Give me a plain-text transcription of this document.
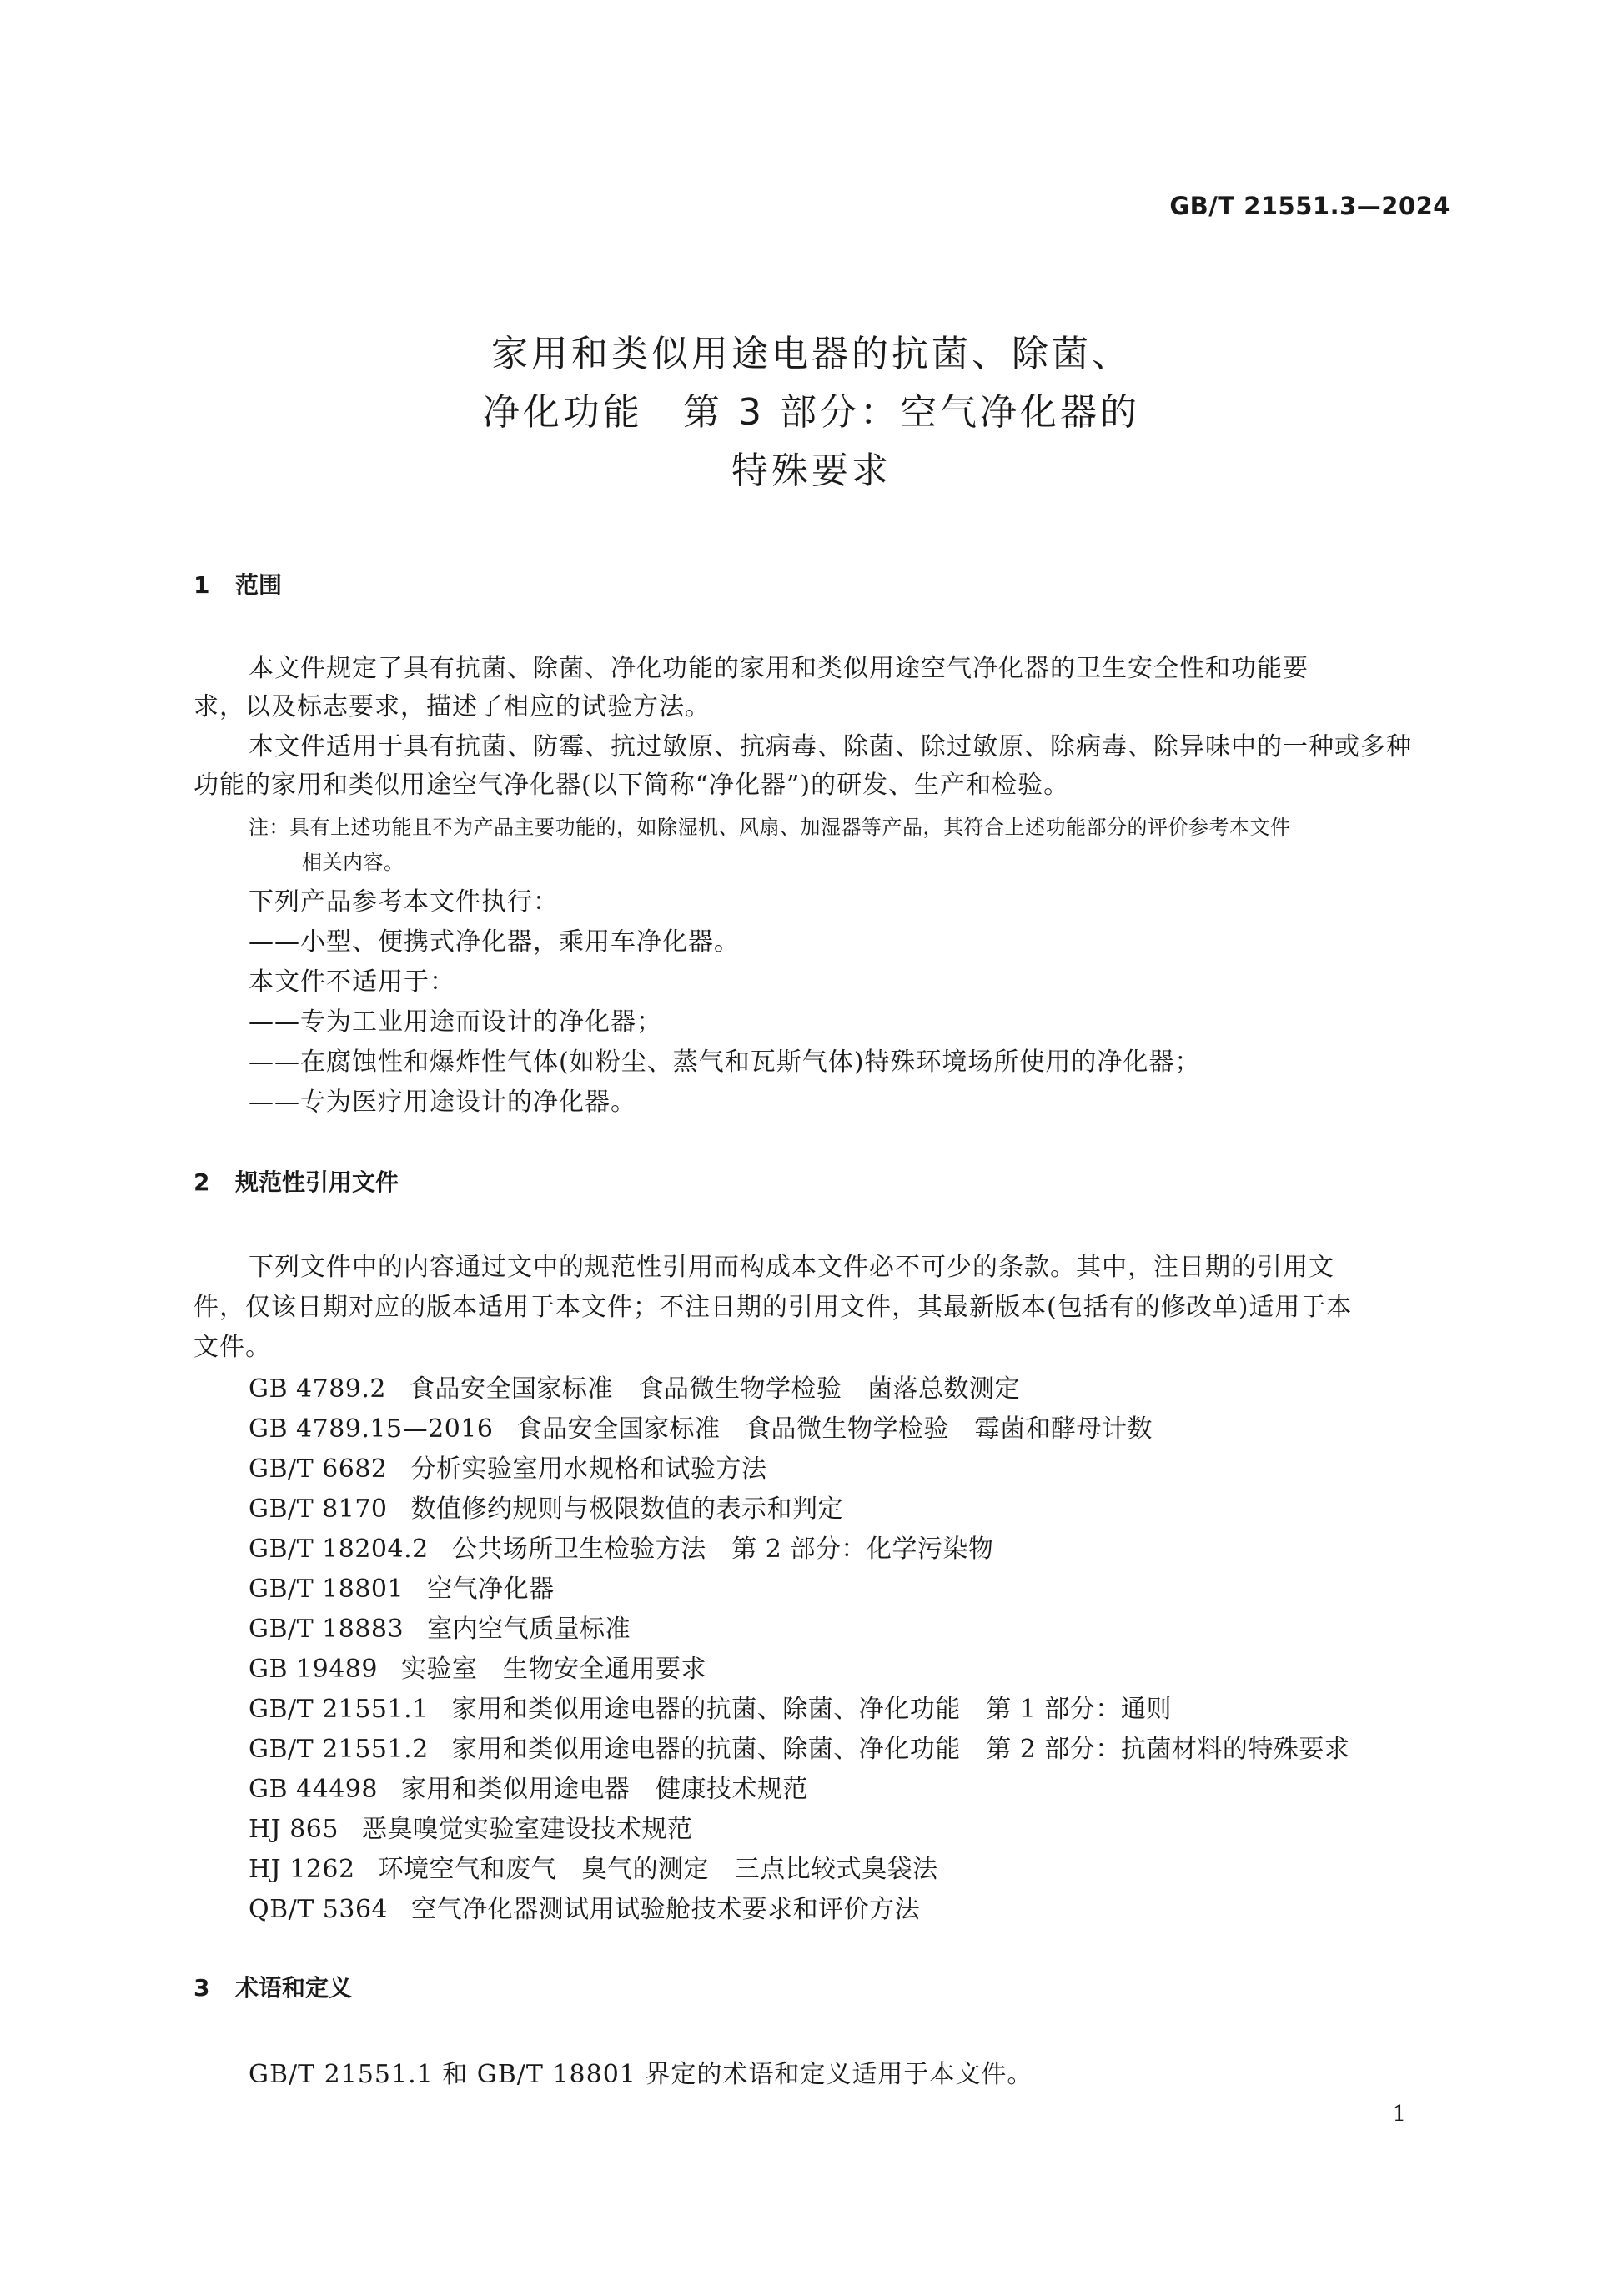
GB/T 21551.3—2024
家用和类似用途电器的抗菌、除菌、
净化功能　第 3 部分：空气净化器的
特殊要求
1 范围
本文件规定了具有抗菌、除菌、净化功能的家用和类似用途空气净化器的卫生安全性和功能要
求，以及标志要求，描述了相应的试验方法。
本文件适用于具有抗菌、防霉、抗过敏原、抗病毒、除菌、除过敏原、除病毒、除异味中的一种或多种
功能的家用和类似用途空气净化器(以下简称“净化器”)的研发、生产和检验。
注：具有上述功能且不为产品主要功能的，如除湿机、风扇、加湿器等产品，其符合上述功能部分的评价参考本文件
相关内容。
下列产品参考本文件执行：
——小型、便携式净化器，乘用车净化器。
本文件不适用于：
——专为工业用途而设计的净化器；
——在腐蚀性和爆炸性气体(如粉尘、蒸气和瓦斯气体)特殊环境场所使用的净化器；
——专为医疗用途设计的净化器。
2 规范性引用文件
下列文件中的内容通过文中的规范性引用而构成本文件必不可少的条款。其中，注日期的引用文
件，仅该日期对应的版本适用于本文件；不注日期的引用文件，其最新版本(包括有的修改单)适用于本
文件。
GB 4789.2 食品安全国家标准　食品微生物学检验　菌落总数测定
GB 4789.15—2016 食品安全国家标准　食品微生物学检验　霉菌和酵母计数
GB/T 6682 分析实验室用水规格和试验方法
GB/T 8170 数值修约规则与极限数值的表示和判定
GB/T 18204.2 公共场所卫生检验方法　第 2 部分：化学污染物
GB/T 18801 空气净化器
GB/T 18883 室内空气质量标准
GB 19489 实验室　生物安全通用要求
GB/T 21551.1 家用和类似用途电器的抗菌、除菌、净化功能　第 1 部分：通则
GB/T 21551.2 家用和类似用途电器的抗菌、除菌、净化功能　第 2 部分：抗菌材料的特殊要求
GB 44498 家用和类似用途电器　健康技术规范
HJ 865 恶臭嗅觉实验室建设技术规范
HJ 1262 环境空气和废气　臭气的测定　三点比较式臭袋法
QB/T 5364 空气净化器测试用试验舱技术要求和评价方法
3 术语和定义
GB/T 21551.1 和 GB/T 18801 界定的术语和定义适用于本文件。
1
